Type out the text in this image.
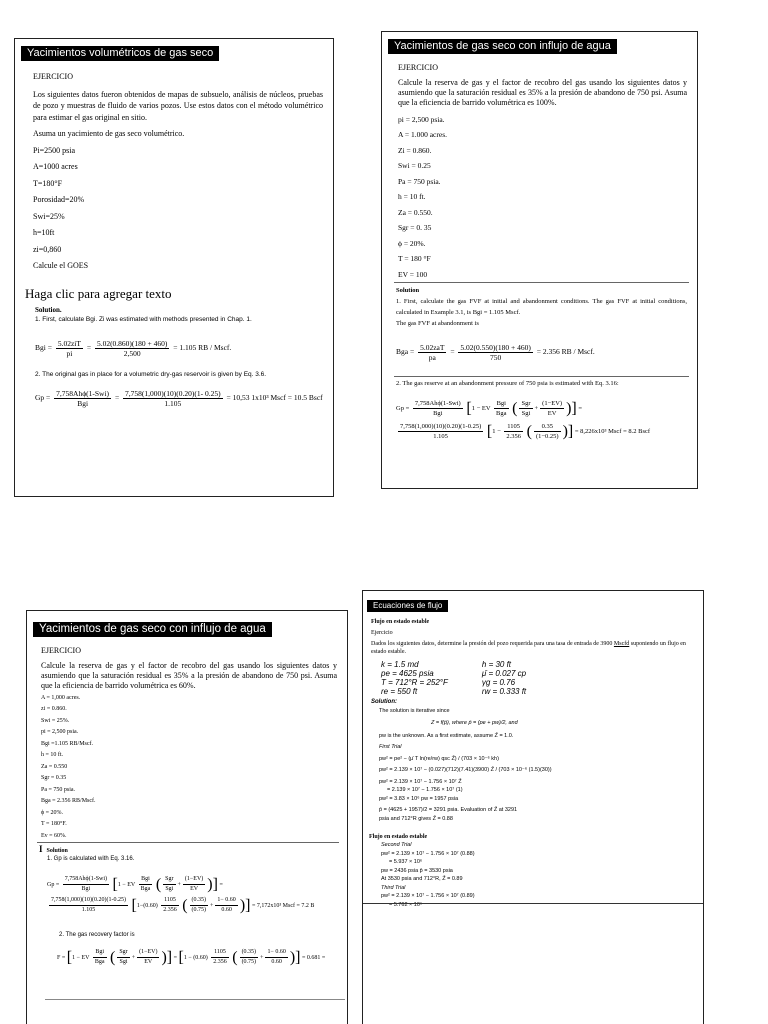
Yacimientos volumétricos de gas seco

EJERCICIO

Los siguientes datos fueron obtenidos de mapas de subsuelo, análisis de núcleos, pruebas de pozo y muestras de fluido de varios pozos. Use estos datos con el método volumétrico para estimar el gas original en sitio.

Asuma un yacimiento de gas seco volumétrico.

Pi=2500 psia

A=1000 acres

T=180°F

Porosidad=20%

Swi=25%

h=10ft

zi=0,860

Calcule el GOES

Haga clic para agregar texto

Solution.

1. First, calculate Bgi. Zi was estimated with methods presented in Chap. 1.

Bgi = $\frac{\text{5.02ziT}}{pi} = \frac{5.02(0.860)(180 + 460)}{2,500} = 1.105$ RB / Mscf.

2. The original gas in place for a volumetric dry-gas reservoir is given by Eq. 3.6.

$Gp = \frac{\text{7,758Ahϕ(1-Swi)}}{\text{Bgi}} = \frac{7,758(1,000)(10)(0.20)(1- 0.25)}{1.105} = 10,53$ 1x10³ Mscf = 10.5 Bscf
Yacimientos de gas seco con influjo de agua

EJERCICIO

Calcule la reserva de gas y el factor de recobro del gas usando los siguientes datos y asumiendo que la saturación residual es 35% a la presión de abandono de 750 psi. Asuma que la eficiencia de barrido volumétrica es 100%.

pi = 2,500 psia.

A = 1.000 acres.

Zi = 0.860.

Swi = 0.25

Pa = 750 psia.

h = 10 ft.

Za = 0.550.

Sgr = 0. 35

ϕ = 20%.

T = 180 °F

EV = 100

Solution

1. First, calculate the gas FVF at initial and abandonment conditions. The gas FVF at initial conditions, calculated in Example 3.1, is Bgi = 1.105 Mscf.

The gas FVF at abandonment is

Bga = $\frac{\text{5.02zaT}}{pa} = \frac{5.02(0.550)(180 + 460)}{750} = 2.356$ RB / Mscf.

2. The gas reserve at an abandonment pressure of 750 psia is estimated with Eq. 3.16:

$Gp = \frac{\text{7,758Ahϕ(1-Swi)}}{\text{Bgi}} [1$ − EV $\frac{\text{Bgi}}{\text{Bga}}$ ( $\frac{\text{Sgr}}{\text{Sgi}} + \frac{(1-EV)}{EV}$ )] =
$\frac{7,758(1,000)(10)(0.20)(1-0.25)}{1.105} [1 - \frac{1105}{2.356}$ ( $\frac{0.35}{(1-0.25)}$ )] = 8,226x10³ Mscf = 8.2 Bscf
Yacimientos de gas seco con influjo de agua

EJERCICIO

Calcule la reserva de gas y el factor de recobro del gas usando los siguientes datos y asumiendo que la saturación residual es 35% a la presión de abandono de 750 psi. Asuma que la eficiencia de barrido volumétrica es 60%.

A = 1,000 acres.

zi = 0.860.

Swi = 25%.

pi = 2,500 psia.

Bgi =1.105 RB/Mscf.

h = 10 ft.

Za = 0.550

Sgr = 0.35

Pa = 750 psia.

Bga = 2.356 RB/Mscf.

ϕ = 20%.

T = 180°F.

Ev = 60%.

I Solution

1. Gp is calculated with Eq. 3.16.

$Gp = \frac{\text{7,758Ahϕ(1-Swi)}}{\text{Bgi}} [1$ − EV $\frac{\text{Bgi}}{\text{Bga}}$ ( $\frac{\text{Sgr}}{\text{Sgi}} + \frac{(1-EV)}{EV}$ )] =
$\frac{7,758(1,000)(10)(0.20)(1-0.25)}{1.105} [1-(0.60) \frac{1105}{2.356}$ ( $\frac{(0.35)}{(0.75)} + \frac{1- 0.60}{0.60}$ )] = 7,172x10³ Mscf = 7.2 B

2. The gas recovery factor is

F = [1 − EV $\frac{\text{Bgi}}{\text{Bga}}$ ( $\frac{\text{Sgr}}{\text{Sgi}} + \frac{(1-EV)}{EV}$ )] = [$1 - (0.60) \frac{1105}{2.356}$ ( $\frac{(0.35)}{(0.75)} + \frac{1- 0.60}{0.60}$ )] = 0.681 =
Ecuaciones de flujo

Flujo en estado estable

Ejercicio

Dados los siguientes datos, determine la presión del pozo requerida para una tasa de entrada de 3900 Mscfd suponiendo un flujo en estado estable.

k = 1.5 md
pe = 4625 psia
T = 712°R = 252°F
re = 550 ft
h = 30 ft
μ̄ = 0.027 cp
γg = 0.76
rw = 0.333 ft

Solution:

The solution is iterative since

Z = f(p̄), where p̄ = (pe + pw)/2, and

pw is the unknown. As a first estimate, assume Z̄ = 1.0.

First Trial

pw² = pe² − (μ̄ T ln(re/rw) qsc Z̄) / (703 × 10⁻⁶ kh)

pw² = 2.139 × 10⁷ − (0.027)(712)(7.41)(3900) Z̄ / (703 × 10⁻⁶ (1.5)(30))

pw² = 2.139 × 10⁷ − 1.756 × 10⁷ Z̄

= 2.139 × 10⁷ − 1.756 × 10⁷ (1)

pw² = 3.83 × 10⁶ pw = 1957 psia

p̄ = (4625 + 1957)/2 = 3291 psia. Evaluation of Z̄ at 3291

psia and 712°R gives Z̄ = 0.88

Flujo en estado estable

Second Trial

pw² = 2.139 × 10⁷ − 1.756 × 10⁷ (0.88)

= 5.937 × 10⁶

pw = 2436 psia p̄ = 3530 psia

At 3530 psia and 712°R, Z̄ = 0.89

Third Trial

pw² = 2.139 × 10⁷ − 1.756 × 10⁷ (0.89)

= 5.762 × 10⁶
